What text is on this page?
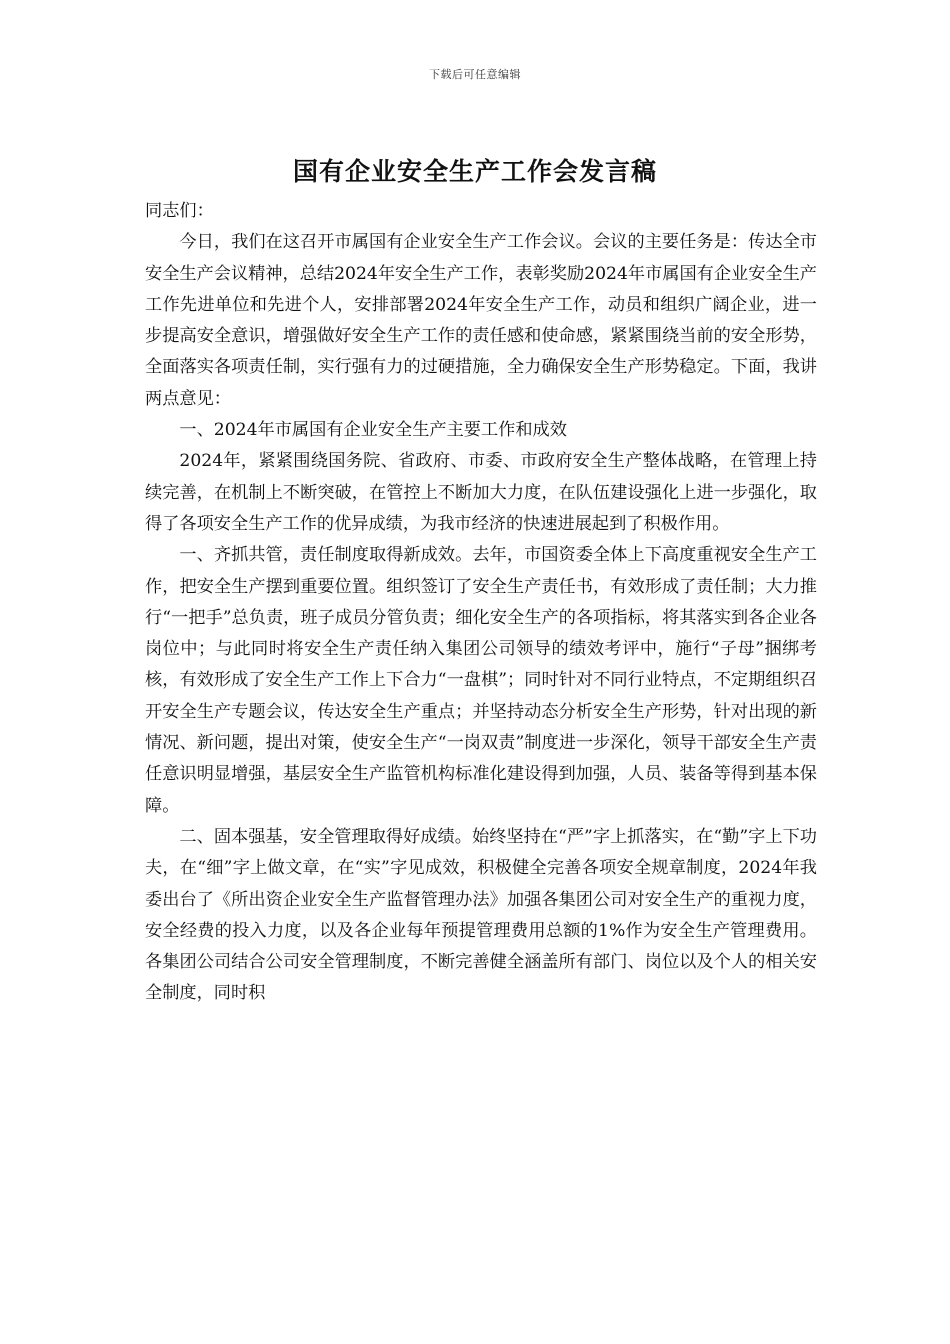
下载后可任意编辑
国有企业安全生产工作会发言稿

同志们：

今日，我们在这召开市属国有企业安全生产工作会议。会议的主要任务是：传达全市安全生产会议精神，总结2024年安全生产工作，表彰奖励2024年市属国有企业安全生产工作先进单位和先进个人，安排部署2024年安全生产工作，动员和组织广阔企业，进一步提高安全意识，增强做好安全生产工作的责任感和使命感，紧紧围绕当前的安全形势，全面落实各项责任制，实行强有力的过硬措施，全力确保安全生产形势稳定。下面，我讲两点意见：

一、2024年市属国有企业安全生产主要工作和成效

2024年，紧紧围绕国务院、省政府、市委、市政府安全生产整体战略，在管理上持续完善，在机制上不断突破，在管控上不断加大力度，在队伍建设强化上进一步强化，取得了各项安全生产工作的优异成绩，为我市经济的快速进展起到了积极作用。

一、齐抓共管，责任制度取得新成效。去年，市国资委全体上下高度重视安全生产工作，把安全生产摆到重要位置。组织签订了安全生产责任书，有效形成了责任制；大力推行“一把手”总负责，班子成员分管负责；细化安全生产的各项指标，将其落实到各企业各岗位中；与此同时将安全生产责任纳入集团公司领导的绩效考评中，施行“子母”捆绑考核，有效形成了安全生产工作上下合力“一盘棋”；同时针对不同行业特点，不定期组织召开安全生产专题会议，传达安全生产重点；并坚持动态分析安全生产形势，针对出现的新情况、新问题，提出对策，使安全生产“一岗双责”制度进一步深化，领导干部安全生产责任意识明显增强，基层安全生产监管机构标准化建设得到加强，人员、装备等得到基本保障。

二、固本强基，安全管理取得好成绩。始终坚持在“严”字上抓落实，在“勤”字上下功夫，在“细”字上做文章，在“实”字见成效，积极健全完善各项安全规章制度，2024年我委出台了《所出资企业安全生产监督管理办法》加强各集团公司对安全生产的重视力度，安全经费的投入力度，以及各企业每年预提管理费用总额的1%作为安全生产管理费用。各集团公司结合公司安全管理制度，不断完善健全涵盖所有部门、岗位以及个人的相关安全制度，同时积
